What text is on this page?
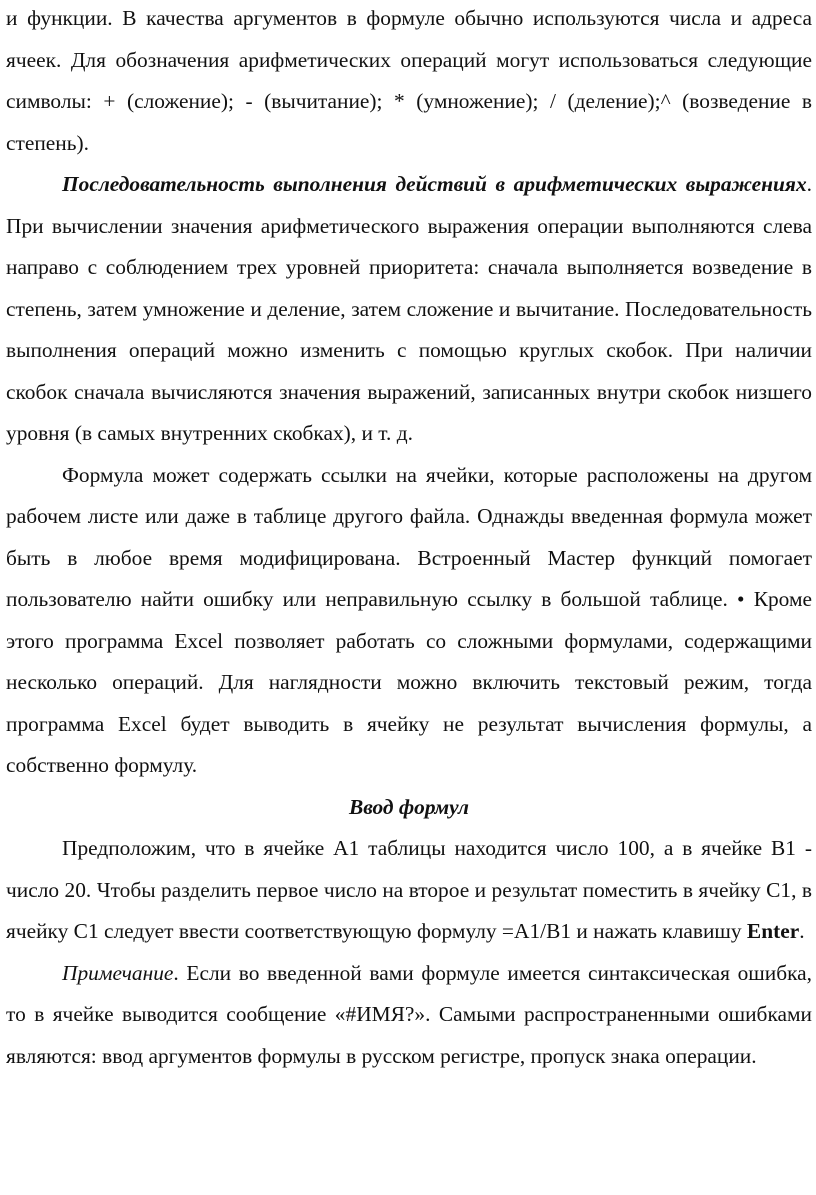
и функции. В качества аргументов в формуле обычно используются числа и адреса ячеек. Для обозначения арифметических операций могут использоваться следующие символы: + (сложение); - (вычитание); * (умножение); / (деление);^ (возведение в степень).

Последовательность выполнения действий в арифметических выражениях. При вычислении значения арифметического выражения операции выполняются слева направо с соблюдением трех уровней приоритета: сначала выполняется возведение в степень, затем умножение и деление, затем сложение и вычитание. Последовательность выполнения операций можно изменить с помощью круглых скобок. При наличии скобок сначала вычисляются значения выражений, записанных внутри скобок низшего уровня (в самых внутренних скобках), и т. д.

Формула может содержать ссылки на ячейки, которые расположены на другом рабочем листе или даже в таблице другого файла. Однажды введенная формула может быть в любое время модифицирована. Встроенный Мастер функций помогает пользователю найти ошибку или неправильную ссылку в большой таблице. • Кроме этого программа Excel позволяет работать со сложными формулами, содержащими несколько операций. Для наглядности можно включить текстовый режим, тогда программа Excel будет выводить в ячейку не результат вычисления формулы, а собственно формулу.

Ввод формул

Предположим, что в ячейке А1 таблицы находится число 100, а в ячейке В1 - число 20. Чтобы разделить первое число на второе и результат поместить в ячейку С1, в ячейку С1 следует ввести соответствующую формулу =А1/В1 и нажать клавишу Enter.

Примечание. Если во введенной вами формуле имеется синтаксическая ошибка, то в ячейке выводится сообщение «#ИМЯ?». Самыми распространенными ошибками являются: ввод аргументов формулы в русском регистре, пропуск знака операции.
